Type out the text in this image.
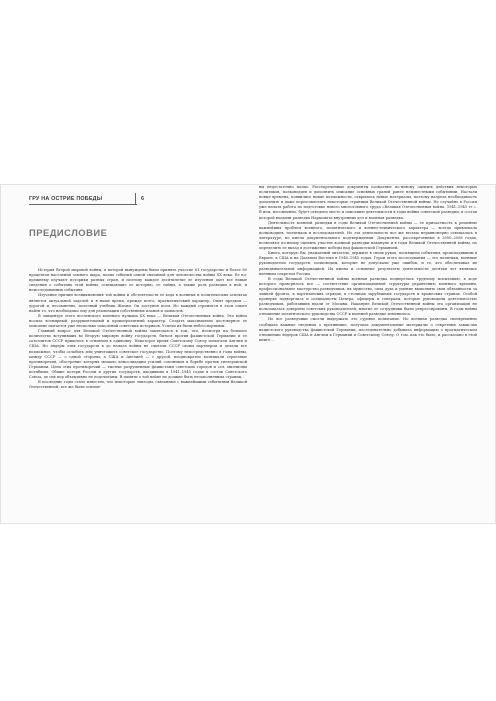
ГРУ НА ОСТРИЕ ПОБЕДЫ	6
ПРЕДИСЛОВИЕ

История Второй мировой войны, в которой вынуждены были принять участие 61 государство и более 80 процентов населения земного шара, полна событий самой значимой для человечества войны XX века. Ее по-прежнему изучают историки разных стран, и поэтому каждое десятилетие ее изучения дает все новые сведения о событиях этой войны, освещающие ее историю, ее тайны, а также роль разведки в ней, и неисследованных событиях.

Изучение причин возникновения той войны и обстоятельств ее хода в военных и политических аспектах является актуальной задачей и в наше время, прежде всего, прагматический характер. Опыт предков — дорогой и, несомненно, полезный учебник Жизни. Он доступен всем. Но каждый стремится в этом опыте найти то, что необходимо ему для реализации собственных планов и замыслов.

В эпицентре этого вселенского военного вулкана XX века — Великая Отечественная война. Эта война носила всемирный, разрушительный и кровопролитный характер. Создать максимально достоверное ее описание пытается уже несколько поколений советских историков. Успехи их были небесспорными.

Главный вопрос для Великой Отечественной войны заключался в том, что, несмотря на большое количество вступивших во Вторую мировую войну государств, биться против фашистской Германии и ее сателлитов СССР пришлось в основном в одиночку. Некоторое время Советскому Союзу помогали Англия и США. Но лидеры этих государств в до начала войны не считали СССР своим партнером и делали все возможное, чтобы ослабить или уничтожить советское государство. Поэтому непосредственно в годы войны, между СССР — с одной стороны, а США и Англией — с другой, неоднократно возникали серьезные противоречия, обострение которых мешало консолидации усилий союзников в борьбе против гитлеровской Германии. Цена этих противоречий — тысячи разрушенных фашистами советских городов и сел, миллионы погибших. Общие потери России и других государств, входивших в 1941–1945 годах в состав Советского Союза, до сих пор объективно не подсчитаны. В памяти о той войне не должно быть незаполненных страниц…

В последние годы стало известно, что некоторые эпизоды, связанные с важнейшими событиями Великой Отечественной, все же были освеще-

ны недостаточно полно. Рассекреченные документы позволяют по-новому оценить действия некоторых политиков, полководцев и дополнить описание основных граней ранее неизвестными событиями. Настали новые времена, появились новые возможности, открылись новые материалы, поэтому назрела необходимость дополнить и даже переосмыслить некоторые страницы Великой Отечественной войны. Не случайно в России уже начата работа по подготовке нового многотомного труда «Великая Отечественная война. 1941–1945 гг.». В нем, несомненно, будет отведено место и описанию деятельности в годы войны советской разведки, в состав которой входили разведка Наркомата внутренних дел и военная разведка.

Деятельность военной разведки в годы Великой Отечественной войны — ее причастность к решению важнейших проблем военного, политического и военно-технического характера — всегда привлекала полководцев, политиков и исследователей. Но эта деятельность все же весьма неравномерно освещалась в литературе, не имела документального подтверждения. Документы, рассекреченные в 2000–2008 годах, позволяют по-иному оценить участие военной разведки накануне и в годы Великой Отечественной войны, по определить ее вклад в достижение победы над фашистской Германией.

Книга, которую Вы, уважаемый читатель, держите в своих руках, посвящена событиям, происходившим в Европе, в США и на Дальнем Востоке в 1940–1945 годах. Герои этого исследования — это политики, военные руководители государств, полководцы, которые не допускали уже ошибок, и те, кто обеспечивал их разведывательной информацией. Их имена и основные результаты деятельности десятки лет являлись военным секретом России.

В годы Великой Отечественной войны военная разведка подверглась трудному испытанию, в ходе которого проверялось все — соответствие организационной структуры управлению военного времени, профессиональное мастерство разведчиков, их мужество, сила духа и умение выполнять свои обязанности за линией фронта, в партизанских отрядах, в столицах зарубежных государств и вражеских странах. Особой проверке подверглись и специалисты Центра, офицеры и генералы, которые руководили деятельностью разведчиков, работавших вдали от Москвы. Накануне Великой Отечественной войны эта организация не пользовалась доверием советских руководителей, многие ее сотрудники были репрессированы. В годы войны отношение политического руководства СССР к военной разведке изменилось.

Но все разведчики смогли выдержать это суровое испытание. Но военная разведка своевременно сообщала важные сведения о противнике, получала документальные материалы о секретных замыслах нацистского руководства фашистской Германии, последовательно добывала информацию о прагматическом отношении лидеров США и Англии к Германии и Советскому Союзу. О том, как это было, и рассказано в этой книге…
